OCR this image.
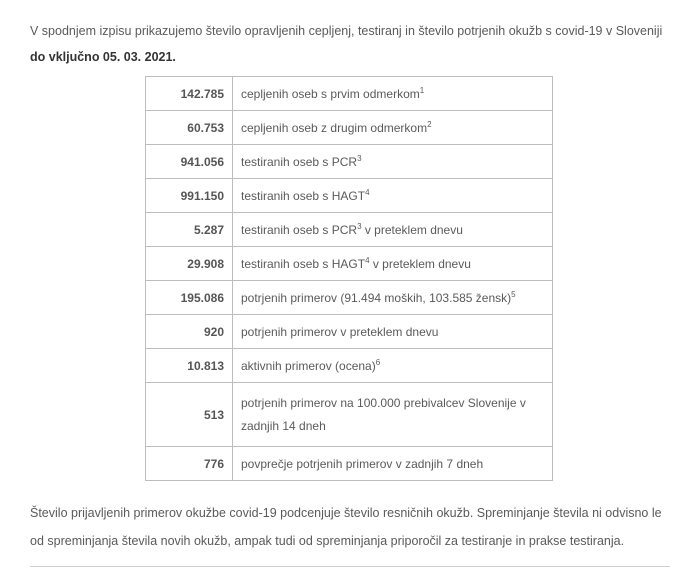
V spodnjem izpisu prikazujemo število opravljenih cepljenj, testiranj in število potrjenih okužb s covid-19 v Sloveniji do vključno 05. 03. 2021.

142.785	cepljenih oseb s prvim odmerkom$^1$
60.753	cepljenih oseb z drugim odmerkom$^2$
941.056	testiranih oseb s PCR$^3$
991.150	testiranih oseb s HAGT$^4$
5.287	testiranih oseb s PCR$^3$ v preteklem dnevu
29.908	testiranih oseb s HAGT$^4$ v preteklem dnevu
195.086	potrjenih primerov (91.494 moških, 103.585 žensk)$^5$
920	potrjenih primerov v preteklem dnevu
10.813	aktivnih primerov (ocena)$^6$
513	potrjenih primerov na 100.000 prebivalcev Slovenije v zadnjih 14 dneh
776	povprečje potrjenih primerov v zadnjih 7 dneh

Število prijavljenih primerov okužbe covid-19 podcenjuje število resničnih okužb. Spreminjanje števila ni odvisno le od spreminjanja števila novih okužb, ampak tudi od spreminjanja priporočil za testiranje in prakse testiranja.
